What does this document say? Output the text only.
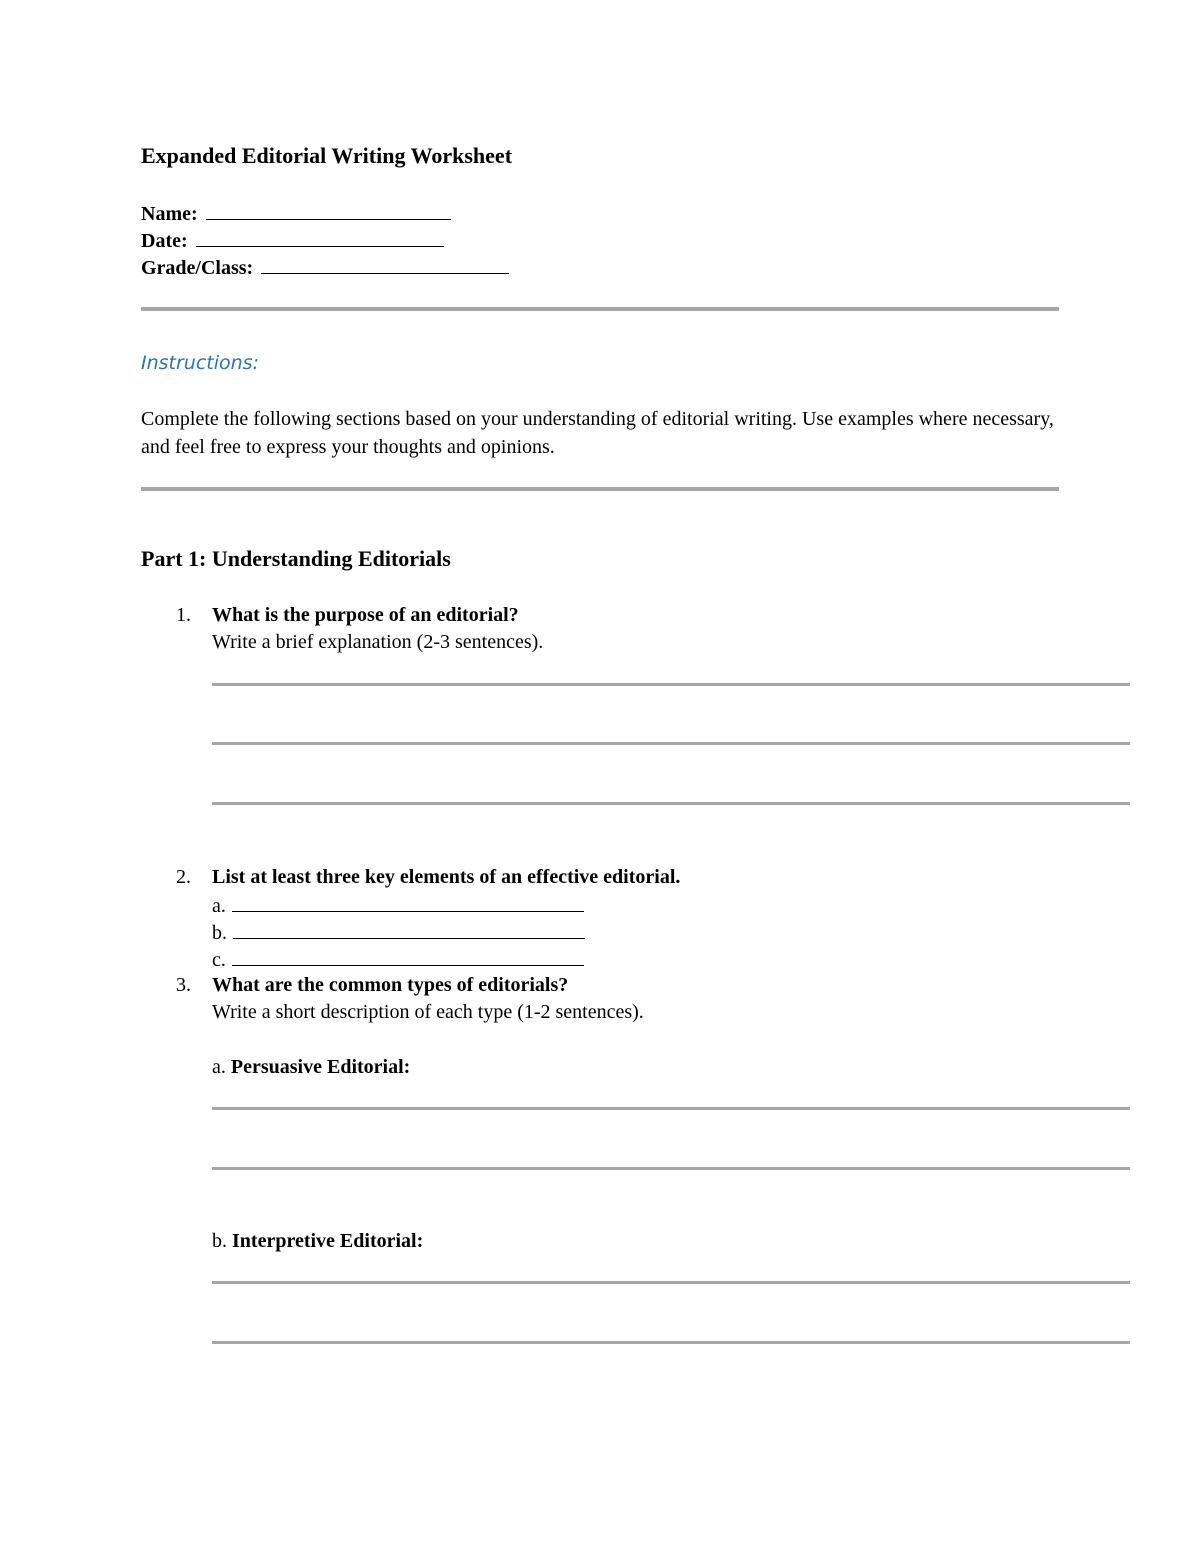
Expanded Editorial Writing Worksheet
Name:
Date:
Grade/Class:
Instructions:
Complete the following sections based on your understanding of editorial writing. Use examples where necessary, and feel free to express your thoughts and opinions.
Part 1: Understanding Editorials
1. What is the purpose of an editorial?
Write a brief explanation (2-3 sentences).
2. List at least three key elements of an effective editorial.
a.
b.
c.
3. What are the common types of editorials?
Write a short description of each type (1-2 sentences).
a. Persuasive Editorial:
b. Interpretive Editorial:
